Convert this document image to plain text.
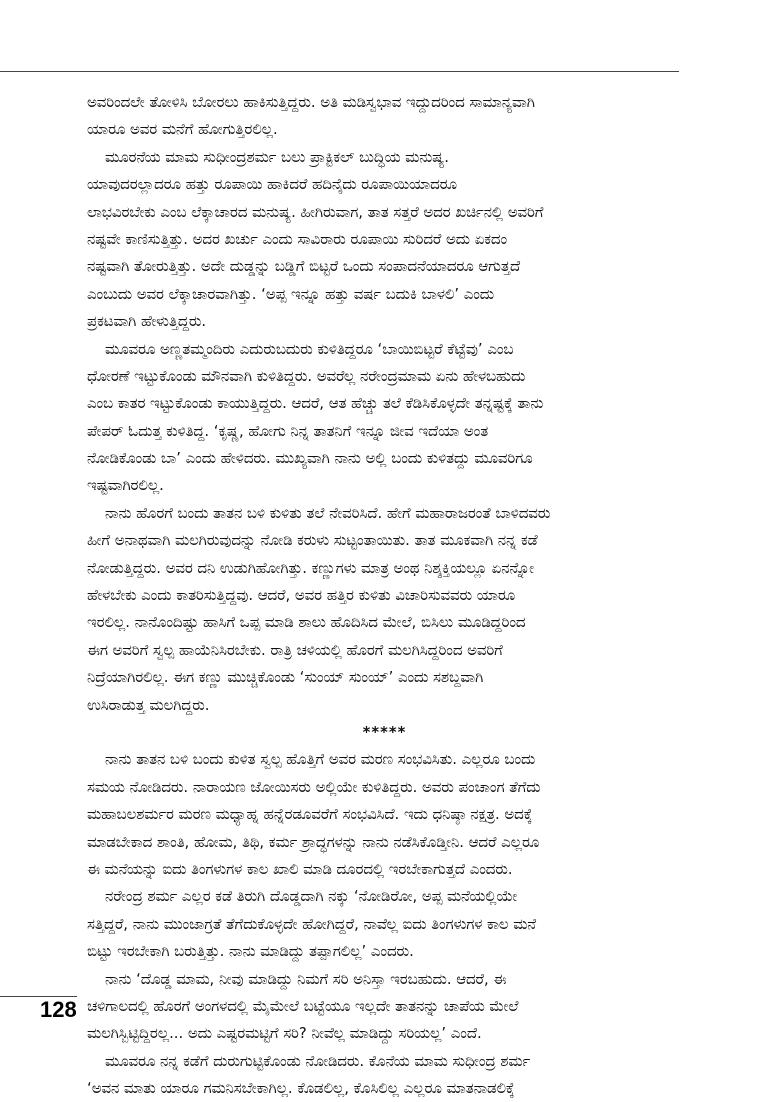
ಅವರಿಂದಲೇ ತೋಳಿಸಿ ಬೋರಲು ಹಾಕಿಸುತ್ತಿದ್ದರು. ಅತಿ ಮಡಿಸ್ವಭಾವ ಇದ್ದುದರಿಂದ ಸಾಮಾನ್ಯವಾಗಿ
ಯಾರೂ ಅವರ ಮನೆಗೆ ಹೋಗುತ್ತಿರಲಿಲ್ಲ.
ಮೂರನೆಯ ಮಾಮ ಸುಧೀಂದ್ರಶರ್ಮ ಬಲು ಪ್ರಾಕ್ಟಿಕಲ್ ಬುದ್ಧಿಯ ಮನುಷ್ಯ.
ಯಾವುದರಲ್ಲಾದರೂ ಹತ್ತು ರೂಪಾಯಿ ಹಾಕಿದರೆ ಹದಿನೈದು ರೂಪಾಯಿಯಾದರೂ
ಲಾಭವಿರಬೇಕು ಎಂಬ ಲೆಕ್ಕಾಚಾರದ ಮನುಷ್ಯ. ಹೀಗಿರುವಾಗ, ತಾತ ಸತ್ತರೆ ಅದರ ಖರ್ಚಿನಲ್ಲಿ ಅವರಿಗೆ
ನಷ್ಟವೇ ಕಾಣಿಸುತ್ತಿತ್ತು. ಅದರ ಖರ್ಚು ಎಂದು ಸಾವಿರಾರು ರೂಪಾಯಿ ಸುರಿದರೆ ಅದು ಏಕದಂ
ನಷ್ಟವಾಗಿ ತೋರುತ್ತಿತ್ತು. ಅದೇ ದುಡ್ಡನ್ನು ಬಡ್ಡಿಗೆ ಬಿಟ್ಟರೆ ಒಂದು ಸಂಪಾದನೆಯಾದರೂ ಆಗುತ್ತದೆ
ಎಂಬುದು ಅವರ ಲೆಕ್ಕಾಚಾರವಾಗಿತ್ತು. ‘ಅಪ್ಪ ಇನ್ನೂ ಹತ್ತು ವರ್ಷ ಬದುಕಿ ಬಾಳಲಿ’ ಎಂದು
ಪ್ರಕಟವಾಗಿ ಹೇಳುತ್ತಿದ್ದರು.
ಮೂವರೂ ಅಣ್ಣತಮ್ಮಂದಿರು ಎದುರುಬದುರು ಕುಳಿತಿದ್ದರೂ ‘ಬಾಯಿಬಿಟ್ಟರೆ ಕೆಟ್ಟೆವು’ ಎಂಬ
ಧೋರಣೆ ಇಟ್ಟುಕೊಂಡು ಮೌನವಾಗಿ ಕುಳಿತಿದ್ದರು. ಅವರೆಲ್ಲ ನರೇಂದ್ರಮಾಮ ಏನು ಹೇಳಬಹುದು
ಎಂಬ ಕಾತರ ಇಟ್ಟುಕೊಂಡು ಕಾಯುತ್ತಿದ್ದರು. ಆದರೆ, ಆತ ಹೆಚ್ಚು ತಲೆ ಕೆಡಿಸಿಕೊಳ್ಳದೇ ತನ್ನಷ್ಟಕ್ಕೆ ತಾನು
ಪೇಪರ್ ಓದುತ್ತ ಕುಳಿತಿದ್ದ. ‘ಕೃಷ್ಣ, ಹೋಗು ನಿನ್ನ ತಾತನಿಗೆ ಇನ್ನೂ ಜೀವ ಇದೆಯಾ ಅಂತ
ನೋಡಿಕೊಂಡು ಬಾ’ ಎಂದು ಹೇಳಿದರು. ಮುಖ್ಯವಾಗಿ ನಾನು ಅಲ್ಲಿ ಬಂದು ಕುಳಿತದ್ದು ಮೂವರಿಗೂ
ಇಷ್ಟವಾಗಿರಲಿಲ್ಲ.
ನಾನು ಹೊರಗೆ ಬಂದು ತಾತನ ಬಳಿ ಕುಳಿತು ತಲೆ ನೇವರಿಸಿದೆ. ಹೇಗೆ ಮಹಾರಾಜರಂತೆ ಬಾಳಿದವರು
ಹೀಗೆ ಅನಾಥವಾಗಿ ಮಲಗಿರುವುದನ್ನು ನೋಡಿ ಕರುಳು ಸುಟ್ಟಂತಾಯಿತು. ತಾತ ಮೂಕವಾಗಿ ನನ್ನ ಕಡೆ
ನೋಡುತ್ತಿದ್ದರು. ಅವರ ದನಿ ಉಡುಗಿಹೋಗಿತ್ತು. ಕಣ್ಣುಗಳು ಮಾತ್ರ ಅಂಥ ನಿಶ್ಶಕ್ತಿಯಲ್ಲೂ ಏನನ್ನೋ
ಹೇಳಬೇಕು ಎಂದು ಕಾತರಿಸುತ್ತಿದ್ದವು. ಆದರೆ, ಅವರ ಹತ್ತಿರ ಕುಳಿತು ವಿಚಾರಿಸುವವರು ಯಾರೂ
ಇರಲಿಲ್ಲ. ನಾನೊಂದಿಷ್ಟು ಹಾಸಿಗೆ ಒಪ್ಪ ಮಾಡಿ ಶಾಲು ಹೊದಿಸಿದ ಮೇಲೆ, ಬಿಸಿಲು ಮೂಡಿದ್ದರಿಂದ
ಈಗ ಅವರಿಗೆ ಸ್ವಲ್ಪ ಹಾಯೆನಿಸಿರಬೇಕು. ರಾತ್ರಿ ಚಳಿಯಲ್ಲಿ ಹೊರಗೆ ಮಲಗಿಸಿದ್ದರಿಂದ ಅವರಿಗೆ
ನಿದ್ರೆಯಾಗಿರಲಿಲ್ಲ. ಈಗ ಕಣ್ಣು ಮುಚ್ಚಿಕೊಂಡು ‘ಸುಂಯ್ ಸುಂಯ್’ ಎಂದು ಸಶಬ್ದವಾಗಿ
ಉಸಿರಾಡುತ್ತ ಮಲಗಿದ್ದರು.
*****
ನಾನು ತಾತನ ಬಳಿ ಬಂದು ಕುಳಿತ ಸ್ವಲ್ಪ ಹೊತ್ತಿಗೆ ಅವರ ಮರಣ ಸಂಭವಿಸಿತು. ಎಲ್ಲರೂ ಬಂದು
ಸಮಯ ನೋಡಿದರು. ನಾರಾಯಣ ಜೋಯಿಸರು ಅಲ್ಲಿಯೇ ಕುಳಿತಿದ್ದರು. ಅವರು ಪಂಚಾಂಗ ತೆಗೆದು
ಮಹಾಬಲಶರ್ಮರ ಮರಣ ಮಧ್ಯಾಹ್ನ ಹನ್ನೆರಡೂವರೆಗೆ ಸಂಭವಿಸಿದೆ. ಇದು ಧನಿಷ್ಠಾ ನಕ್ಷತ್ರ. ಅದಕ್ಕೆ
ಮಾಡಬೇಕಾದ ಶಾಂತಿ, ಹೋಮ, ತಿಥಿ, ಕರ್ಮ ಶ್ರಾದ್ಧಗಳನ್ನು ನಾನು ನಡೆಸಿಕೊಡ್ತೀನಿ. ಆದರೆ ಎಲ್ಲರೂ
ಈ ಮನೆಯನ್ನು ಐದು ತಿಂಗಳುಗಳ ಕಾಲ ಖಾಲಿ ಮಾಡಿ ದೂರದಲ್ಲಿ ಇರಬೇಕಾಗುತ್ತದೆ ಎಂದರು.
ನರೇಂದ್ರ ಶರ್ಮ ಎಲ್ಲರ ಕಡೆ ತಿರುಗಿ ದೊಡ್ಡದಾಗಿ ನಕ್ಕು ‘ನೋಡಿರೋ, ಅಪ್ಪ ಮನೆಯಲ್ಲಿಯೇ
ಸತ್ತಿದ್ದರೆ, ನಾನು ಮುಂಜಾಗ್ರತೆ ತೆಗೆದುಕೊಳ್ಳದೇ ಹೋಗಿದ್ದರೆ, ನಾವೆಲ್ಲ ಐದು ತಿಂಗಳುಗಳ ಕಾಲ ಮನೆ
ಬಿಟ್ಟು ಇರಬೇಕಾಗಿ ಬರುತ್ತಿತ್ತು. ನಾನು ಮಾಡಿದ್ದು ತಪ್ಪಾಗಲಿಲ್ಲ’ ಎಂದರು.
ನಾನು ‘ದೊಡ್ಡ ಮಾಮ, ನೀವು ಮಾಡಿದ್ದು ನಿಮಗೆ ಸರಿ ಅನಿಸ್ತಾ ಇರಬಹುದು. ಆದರೆ, ಈ
ಚಳಿಗಾಲದಲ್ಲಿ ಹೊರಗೆ ಅಂಗಳದಲ್ಲಿ ಮೈಮೇಲೆ ಬಟ್ಟೆಯೂ ಇಲ್ಲದೇ ತಾತನನ್ನು ಚಾಪೆಯ ಮೇಲೆ
ಮಲಗಿಸ್ಬಿಟ್ಟಿದ್ದಿರಲ್ಲ... ಅದು ಎಷ್ಟರಮಟ್ಟಿಗೆ ಸರಿ? ನೀವೆಲ್ಲ ಮಾಡಿದ್ದು ಸರಿಯಲ್ಲ’ ಎಂದೆ.
ಮೂವರೂ ನನ್ನ ಕಡೆಗೆ ದುರುಗುಟ್ಟಿಕೊಂಡು ನೋಡಿದರು. ಕೊನೆಯ ಮಾಮ ಸುಧೀಂದ್ರ ಶರ್ಮ
‘ಅವನ ಮಾತು ಯಾರೂ ಗಮನಿಸಬೇಕಾಗಿಲ್ಲ. ಕೊಡಲಿಲ್ಲ, ಕೊಸಿಲಿಲ್ಲ ಎಲ್ಲರೂ ಮಾತನಾಡಲಿಕ್ಕೆ
128
